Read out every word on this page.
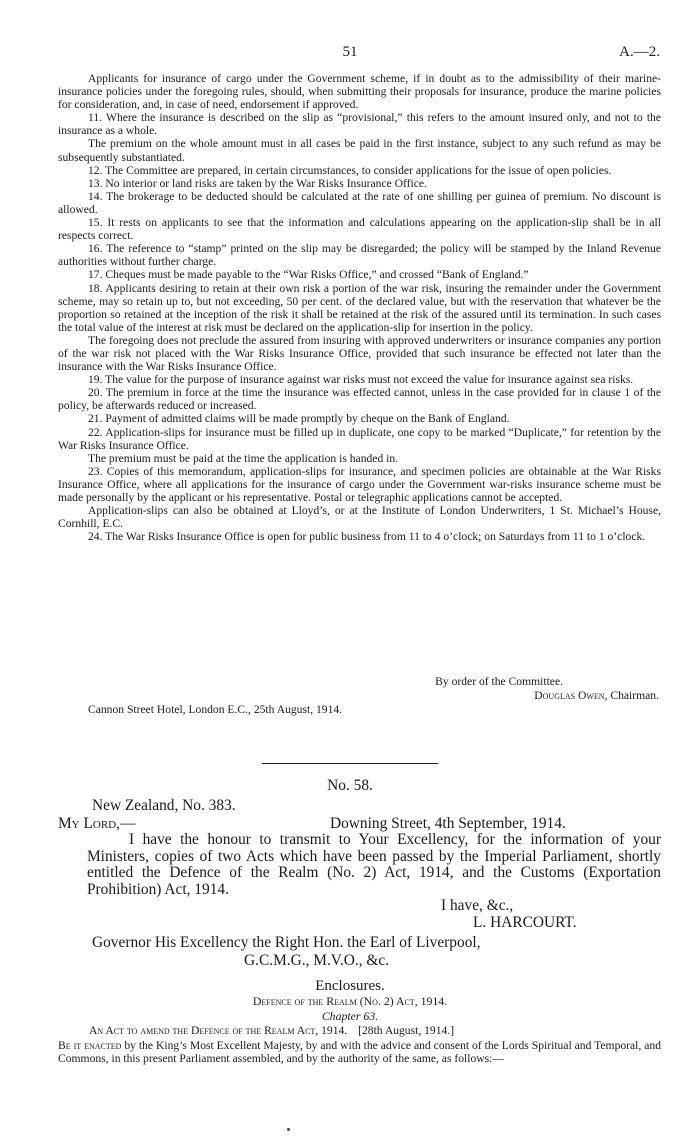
51	A.—2.

Applicants for insurance of cargo under the Government scheme, if in doubt as to the admissibility of their marine-insurance policies under the foregoing rules, should, when submitting their proposals for insurance, produce the marine policies for consideration, and, in case of need, endorsement if approved.

11. Where the insurance is described on the slip as “provisional,” this refers to the amount insured only, and not to the insurance as a whole.

The premium on the whole amount must in all cases be paid in the first instance, subject to any such refund as may be subsequently substantiated.

12. The Committee are prepared, in certain circumstances, to consider applications for the issue of open policies.

13. No interior or land risks are taken by the War Risks Insurance Office.

14. The brokerage to be deducted should be calculated at the rate of one shilling per guinea of premium. No discount is allowed.

15. It rests on applicants to see that the information and calculations appearing on the application-slip shall be in all respects correct.

16. The reference to “stamp” printed on the slip may be disregarded; the policy will be stamped by the Inland Revenue authorities without further charge.

17. Cheques must be made payable to the “War Risks Office,” and crossed “Bank of England.”

18. Applicants desiring to retain at their own risk a portion of the war risk, insuring the remainder under the Government scheme, may so retain up to, but not exceeding, 50 per cent. of the declared value, but with the reservation that whatever be the proportion so retained at the inception of the risk it shall be retained at the risk of the assured until its termination. In such cases the total value of the interest at risk must be declared on the application-slip for insertion in the policy.

The foregoing does not preclude the assured from insuring with approved underwriters or insurance companies any portion of the war risk not placed with the War Risks Insurance Office, provided that such insurance be effected not later than the insurance with the War Risks Insurance Office.

19. The value for the purpose of insurance against war risks must not exceed the value for insurance against sea risks.

20. The premium in force at the time the insurance was effected cannot, unless in the case provided for in clause 1 of the policy, be afterwards reduced or increased.

21. Payment of admitted claims will be made promptly by cheque on the Bank of England.

22. Application-slips for insurance must be filled up in duplicate, one copy to be marked “Duplicate,” for retention by the War Risks Insurance Office.

The premium must be paid at the time the application is handed in.

23. Copies of this memorandum, application-slips for insurance, and specimen policies are obtainable at the War Risks Insurance Office, where all applications for the insurance of cargo under the Government war-risks insurance scheme must be made personally by the applicant or his representative. Postal or telegraphic applications cannot be accepted.

Application-slips can also be obtained at Lloyd’s, or at the Institute of London Underwriters, 1 St. Michael’s House, Cornhill, E.C.

24. The War Risks Insurance Office is open for public business from 11 to 4 o’clock; on Saturdays from 11 to 1 o’clock.

By order of the Committee.
Douglas Owen, Chairman.
Cannon Street Hotel, London E.C., 25th August, 1914.
No. 58.
New Zealand, No. 383.
My Lord,—	Downing Street, 4th September, 1914.

I have the honour to transmit to Your Excellency, for the information of your Ministers, copies of two Acts which have been passed by the Imperial Parliament, shortly entitled the Defence of the Realm (No. 2) Act, 1914, and the Customs (Exportation Prohibition) Act, 1914.

I have, &c.,
L. HARCOURT.
Governor His Excellency the Right Hon. the Earl of Liverpool,
G.C.M.G., M.V.O., &c.
Enclosures.
Defence of the Realm (No. 2) Act, 1914.
Chapter 63.
An Act to amend the Defence of the Realm Act, 1914. [28th August, 1914.]

Be it enacted by the King’s Most Excellent Majesty, by and with the advice and consent of the Lords Spiritual and Temporal, and Commons, in this present Parliament assembled, and by the authority of the same, as follows:—
